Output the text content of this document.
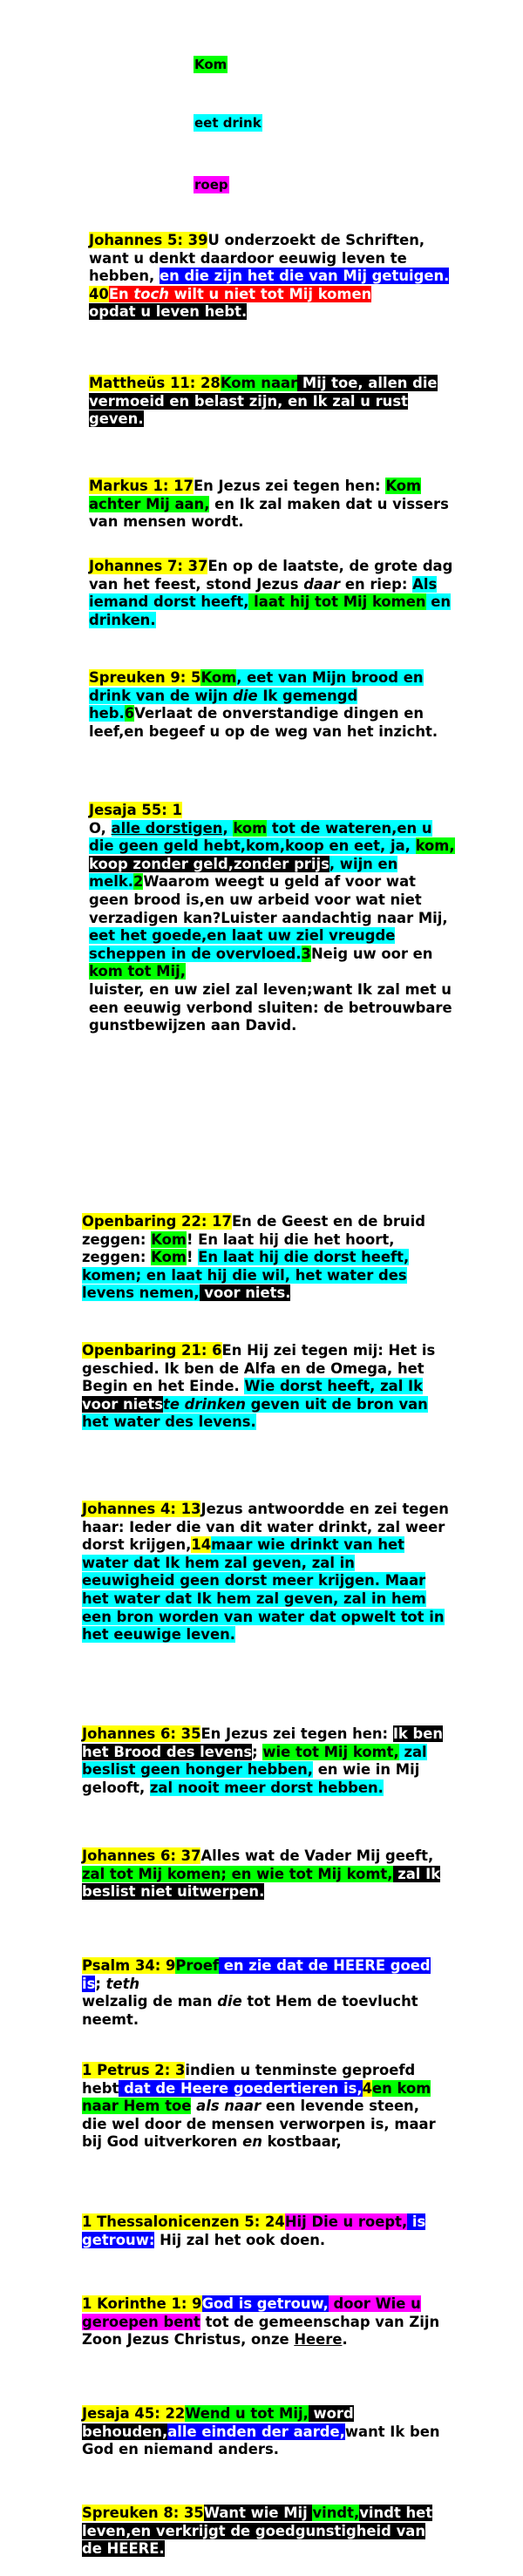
Kom
eet drink
roep
Johannes 5: 39U onderzoekt de Schriften, want u denkt daardoor eeuwig leven te hebben, en die zijn het die van Mij getuigen.
40En toch wilt u niet tot Mij komen
opdat u leven hebt.
Mattheüs 11: 28Kom naar Mij toe, allen die vermoeid en belast zijn, en Ik zal u rust geven.
Markus 1: 17En Jezus zei tegen hen: Kom achter Mij aan, en Ik zal maken dat u vissers van mensen wordt.
Johannes 7: 37En op de laatste, de grote dag van het feest, stond Jezus daar en riep: Als iemand dorst heeft, laat hij tot Mij komen en drinken.
Spreuken 9: 5Kom, eet van Mijn brood en drink van de wijn die Ik gemengd heb.6Verlaat de onverstandige dingen en leef,en begeef u op de weg van het inzicht.
Jesaja 55: 1
O, alle dorstigen, kom tot de wateren,en u die geen geld hebt,kom,koop en eet, ja, kom, koop zonder geld,zonder prijs, wijn en melk.2Waarom weegt u geld af voor wat geen brood is,en uw arbeid voor wat niet verzadigen kan?Luister aandachtig naar Mij, eet het goede,en laat uw ziel vreugde scheppen in de overvloed.3Neig uw oor en kom tot Mij,
luister, en uw ziel zal leven;want Ik zal met u een eeuwig verbond sluiten: de betrouwbare gunstbewijzen aan David.
Openbaring 22: 17En de Geest en de bruid zeggen: Kom! En laat hij die het hoort, zeggen: Kom! En laat hij die dorst heeft, komen; en laat hij die wil, het water des levens nemen, voor niets.
Openbaring 21: 6En Hij zei tegen mij: Het is geschied. Ik ben de Alfa en de Omega, het Begin en het Einde. Wie dorst heeft, zal Ik voor nietste drinken geven uit de bron van het water des levens.
Johannes 4: 13Jezus antwoordde en zei tegen haar: Ieder die van dit water drinkt, zal weer dorst krijgen,14maar wie drinkt van het water dat Ik hem zal geven, zal in eeuwigheid geen dorst meer krijgen. Maar het water dat Ik hem zal geven, zal in hem een bron worden van water dat opwelt tot in het eeuwige leven.
Johannes 6: 35En Jezus zei tegen hen: Ik ben het Brood des levens; wie tot Mij komt, zal beslist geen honger hebben, en wie in Mij gelooft, zal nooit meer dorst hebben.
Johannes 6: 37Alles wat de Vader Mij geeft, zal tot Mij komen; en wie tot Mij komt, zal Ik beslist niet uitwerpen.
Psalm 34: 9Proef en zie dat de HEERE goed is; teth
welzalig de man die tot Hem de toevlucht neemt.
1 Petrus 2: 3indien u tenminste geproefd hebt dat de Heere goedertieren is,4en kom naar Hem toe als naar een levende steen, die wel door de mensen verworpen is, maar bij God uitverkoren en kostbaar,
1 Thessalonicenzen 5: 24Hij Die u roept, is getrouw: Hij zal het ook doen.
1 Korinthe 1: 9God is getrouw, door Wie u geroepen bent tot de gemeenschap van Zijn Zoon Jezus Christus, onze Heere.
Jesaja 45: 22Wend u tot Mij, word behouden,alle einden der aarde,want Ik ben God en niemand anders.
Spreuken 8: 35Want wie Mij vindt,vindt het leven,en verkrijgt de goedgunstigheid van de HEERE.
